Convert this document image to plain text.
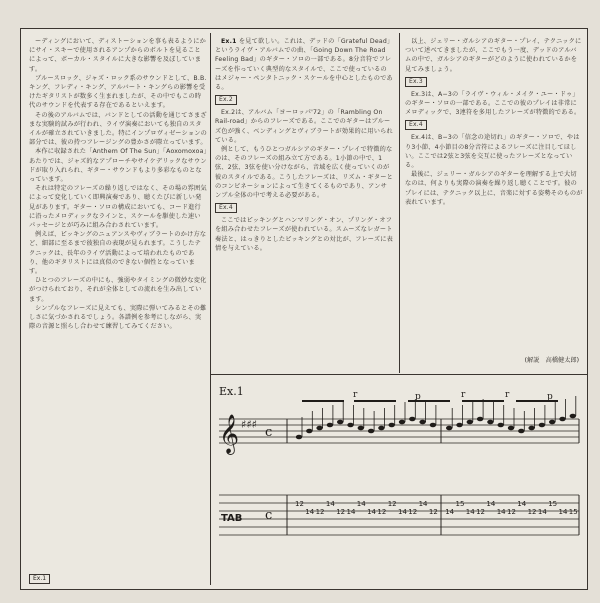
ーディングにおいて、ディストーションを事も表るようにかにサイ・スキーで使用されるアンプからのボルトを見ることによって、ボーカル・スタイルに大きな影響を及ぼしています。

ブルースロック、ジャズ・ロック系のサウンドとして、B.B.キング、フレディ・キング、アルバート・キングらの影響を受けたギタリストが数多く生まれましたが、その中でもこの時代のサウンドを代表する存在であるといえます。

その後のアルバムでは、バンドとしての活動を通じてさまざまな実験的試みが行われ、ライヴ演奏においても独自のスタイルが確立されていきました。特にインプロヴィゼーションの部分では、彼の持つフレージングの豊かさが際立っています。

本作に収録された「Anthem Of The Sun」「Aoxomoxoa」あたりでは、ジャズ的なアプローチやサイケデリックなサウンドが取り入れられ、ギター・サウンドもより多彩なものとなっています。

それは特定のフレーズの繰り返しではなく、その場の雰囲気によって変化していく即興演奏であり、聴くたびに新しい発見があります。ギター・ソロの構成においても、コード進行に沿ったメロディックなラインと、スケールを駆使した速いパッセージとが巧みに組み合わされています。

例えば、ピッキングのニュアンスやヴィブラートのかけ方など、細部に至るまで彼独自の表現が見られます。こうしたテクニックは、長年のライヴ活動によって培われたものであり、他のギタリストには真似のできない個性となっています。

ひとつのフレーズの中にも、強弱やタイミングの微妙な変化がつけられており、それが全体としての流れを生み出しています。

シンプルなフレーズに見えても、実際に弾いてみるとその難しさに気づかされるでしょう。各譜例を参考にしながら、実際の音源と照らし合わせて練習してみてください。

Ex.1 を見て欲しい。これは、デッドの「Grateful Dead」というライヴ・アルバムでの曲、「Going Down The Road Feeling Bad」のギター・ソロの一部である。8分音符でフレーズを作っていく典型的なスタイルで、ここで使っているのはメジャー・ペンタトニック・スケールを中心としたものである。

Ex.2

Ex.2は、アルバム「ヨーロッパ'72」の「Rambling On Rail-road」からのフレーズである。ここでのギターはブルーズ色が強く、ベンディングとヴィブラートが効果的に用いられている。

例として、もうひとつガルシアのギター・プレイで特徴的なのは、そのフレーズの組み立て方である。1小節の中で、1弦、2弦、3弦を使い分けながら、音域を広く使っていくのが彼のスタイルである。こうしたフレーズは、リズム・ギターとのコンビネーションによって生きてくるものであり、アンサンブル全体の中で考える必要がある。

Ex.4

ここではピッキングとハンマリング・オン、プリング・オフを組み合わせたフレーズが使われている。スムーズなレガート奏法と、はっきりとしたピッキングとの対比が、フレーズに表情を与えている。

以上、ジェリー・ガルシアのギター・プレイ、テクニックについて述べてきましたが、ここでもう一度、デッドのアルバムの中で、ガルシアのギターがどのように使われているかを見てみましょう。

Ex.3

Ex.3は、A−3の「ライヴ・ウィル・メイク・ユー・ドゥ」のギター・ソロの一部である。ここでの彼のプレイは非常にメロディックで、3連符を多用したフレーズが特徴的である。

Ex.4

Ex.4は、B−3の「信念の途切れ」のギター・ソロで、やはり3小節、4小節目の8分音符によるフレーズに注目してほしい。ここでは2弦と3弦を交互に使ったフレーズとなっている。

最後に、ジェリー・ガルシアのギターを理解する上で大切なのは、何よりも実際の演奏を繰り返し聴くことです。彼のプレイには、テクニック以上に、音楽に対する姿勢そのものが表れています。

(解説　高橋健太郎)
Ex.1
𝄞 ♯♯♯
c
r	p	r	r	p
TAB c
12
14 12
14
12 14
14
14 12
12
14 12
14
12 14
15
14 12
14
14 12
14
12 14
15
14 15
Ex.1
